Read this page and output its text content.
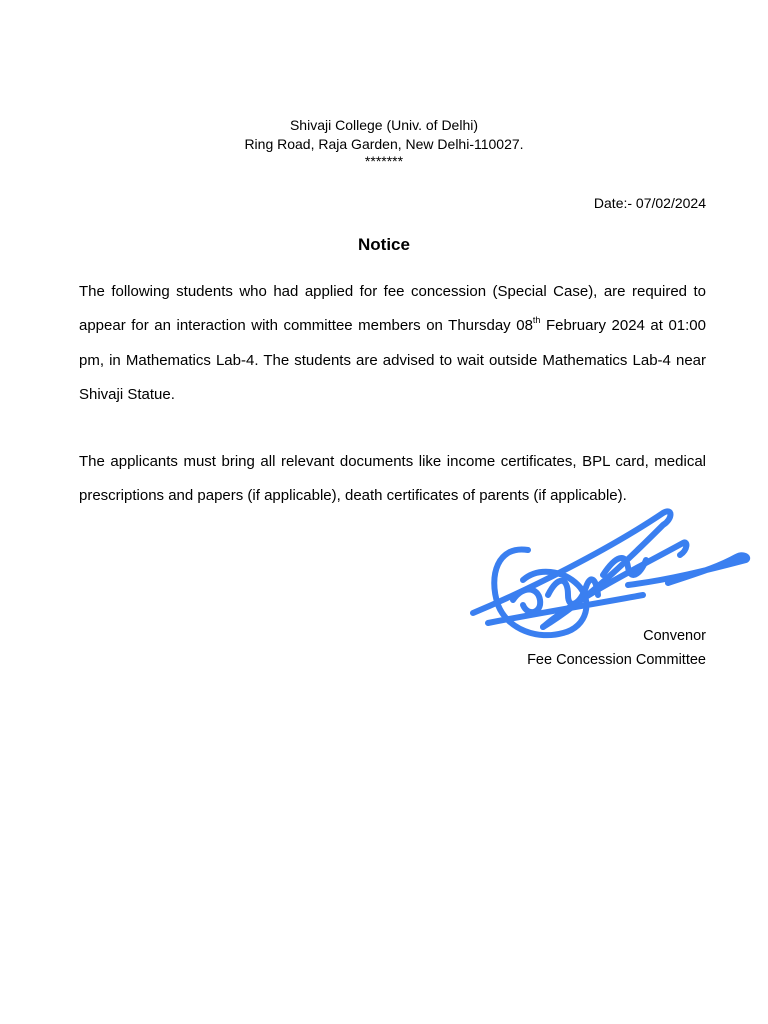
Shivaji College (Univ. of Delhi)
Ring Road, Raja Garden, New Delhi-110027.
*******
Date:- 07/02/2024
Notice

The following students who had applied for fee concession (Special Case), are required to appear for an interaction with committee members on Thursday 08th February 2024 at 01:00 pm, in Mathematics Lab-4. The students are advised to wait outside Mathematics Lab-4 near Shivaji Statue.

The applicants must bring all relevant documents like income certificates, BPL card, medical prescriptions and papers (if applicable), death certificates of parents (if applicable).

Convenor
Fee Concession Committee
